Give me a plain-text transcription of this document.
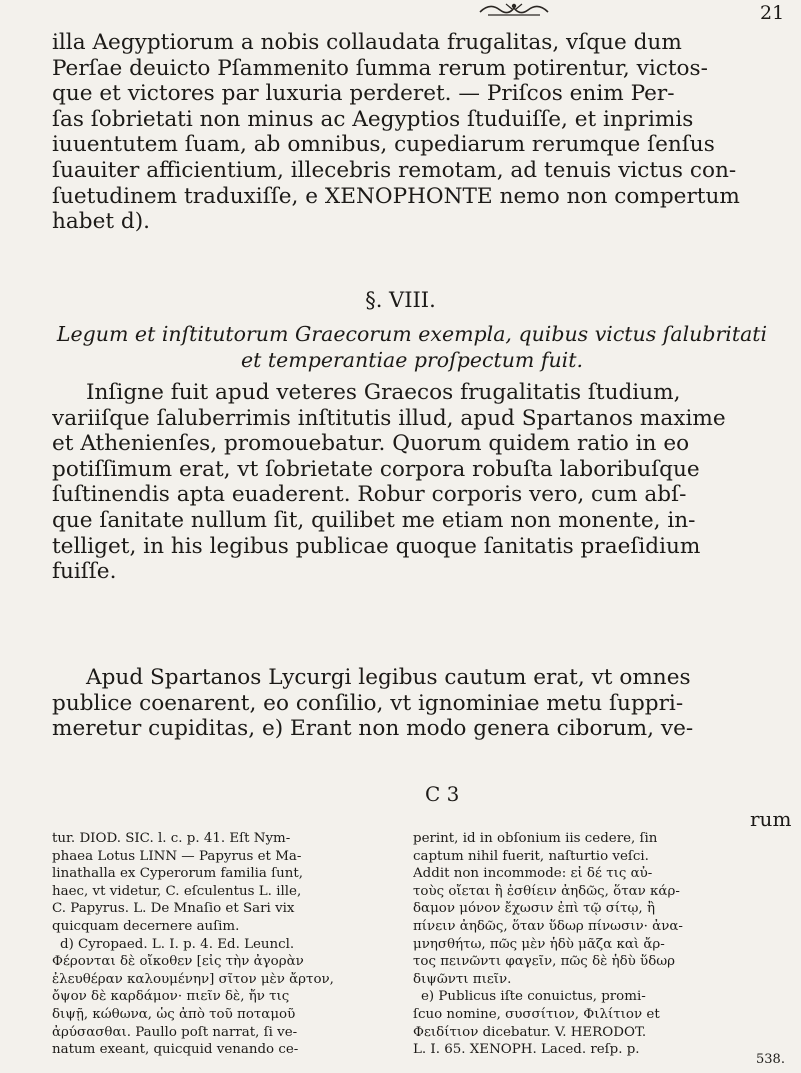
21
illa Aegyptiorum a nobis collaudata frugalitas, vſque dum
Perſae deuicto Pſammenito ſumma rerum potirentur, victos-
que et victores par luxuria perderet. — Priſcos enim Per-
ſas ſobrietati non minus ac Aegyptios ſtuduiſſe, et inprimis
iuuentutem ſuam, ab omnibus, cupediarum rerumque ſenſus
ſuauiter afficientium, illecebris remotam, ad tenuis victus con-
ſuetudinem traduxiſſe, e XENOPHONTE nemo non compertum
habet d).
§. VIII.
Legum et inſtitutorum Graecorum exempla, quibus victus ſalubritati
et temperantiae proſpectum fuit.
Inſigne fuit apud veteres Graecos frugalitatis ſtudium,
variiſque ſaluberrimis inſtitutis illud, apud Spartanos maxime
et Athenienſes, promouebatur. Quorum quidem ratio in eo
potiſſimum erat, vt ſobrietate corpora robuſta laboribuſque
ſuſtinendis apta euaderent. Robur corporis vero, cum abſ-
que ſanitate nullum ſit, quilibet me etiam non monente, in-
telliget, in his legibus publicae quoque ſanitatis praeſidium
fuiſſe.
Apud Spartanos Lycurgi legibus cautum erat, vt omnes
publice coenarent, eo conſilio, vt ignominiae metu ſuppri-
meretur cupiditas, e) Erant non modo genera ciborum, ve-
C 3
rum
tur. DIOD. SIC. l. c. p. 41. Eſt Nym-
phaea Lotus LINN — Papyrus et Ma-
linathalla ex Cyperorum familia ſunt,
haec, vt videtur, C. eſculentus L. ille,
C. Papyrus. L. De Mnaſio et Sari vix
quicquam decernere auſim.
d) Cyropaed. L. I. p. 4. Ed. Leuncl.
Φέρονται δὲ οἴκοθεν [εἰς τὴν ἀγορὰν
ἐλευθέραν καλουμένην] σῖτον μὲν ἄρτον,
ὄψον δὲ καρδάμον· πιεῖν δὲ, ἤν τις
διψῇ, κώθωνα, ὡς ἀπὸ τοῦ ποταμοῦ
ἀρύσασθαι. Paullo poſt narrat, ſi ve-
natum exeant, quicquid venando ce-
perint, id in obſonium iis cedere, ſin
captum nihil fuerit, naſturtio veſci.
Addit non incommode: εἰ δέ τις αὐ-
τοὺς οἴεται ἢ ἐσθίειν ἀηδῶς, ὅταν κάρ-
δαμον μόνον ἔχωσιν ἐπὶ τῷ σίτῳ, ἢ
πίνειν ἀηδῶς, ὅταν ὕδωρ πίνωσιν· ἀνα-
μνησθήτω, πῶς μὲν ἡδὺ μᾶζα καὶ ἄρ-
τος πεινῶντι φαγεῖν, πῶς δὲ ἡδὺ ὕδωρ
διψῶντι πιεῖν.
e) Publicus iſte conuictus, promi-
ſcuo nomine, συσσίτιον, Φιλίτιον et
Φειδίτιον dicebatur. V. HERODOT.
L. I. 65. XENOPH. Laced. reſp. p.
538.
